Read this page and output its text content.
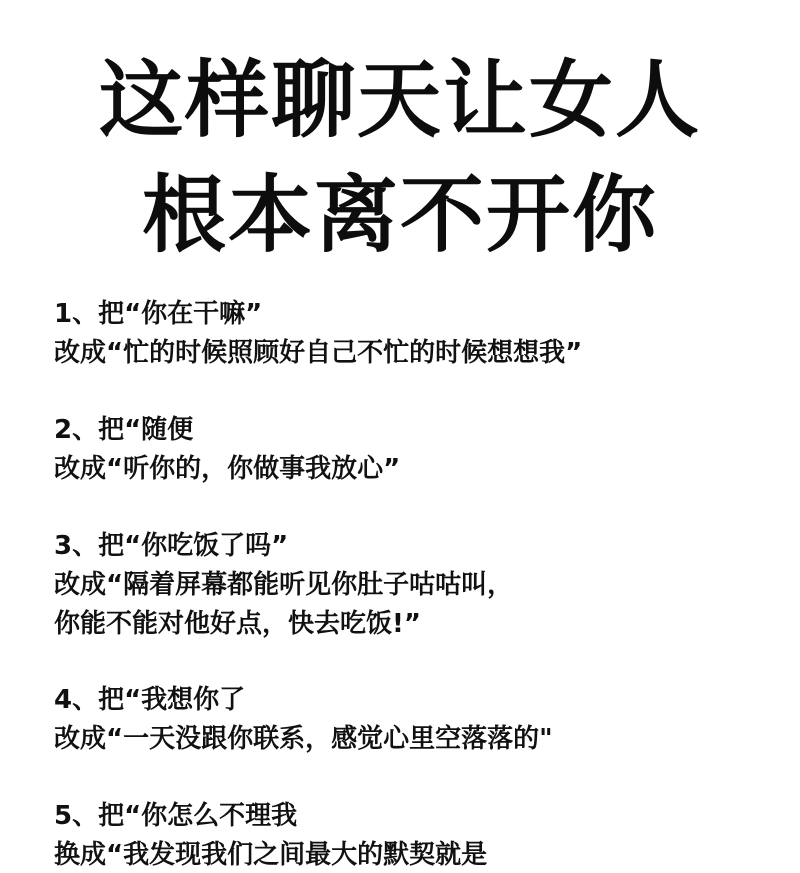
这样聊天让女人
根本离不开你
1、把“你在干嘛”
改成“忙的时候照顾好自己不忙的时候想想我”
2、把“随便
改成“听你的，你做事我放心”
3、把“你吃饭了吗”
改成“隔着屏幕都能听见你肚子咕咕叫，
你能不能对他好点，快去吃饭!”
4、把“我想你了
改成“一天没跟你联系，感觉心里空落落的"
5、把“你怎么不理我
换成“我发现我们之间最大的默契就是
